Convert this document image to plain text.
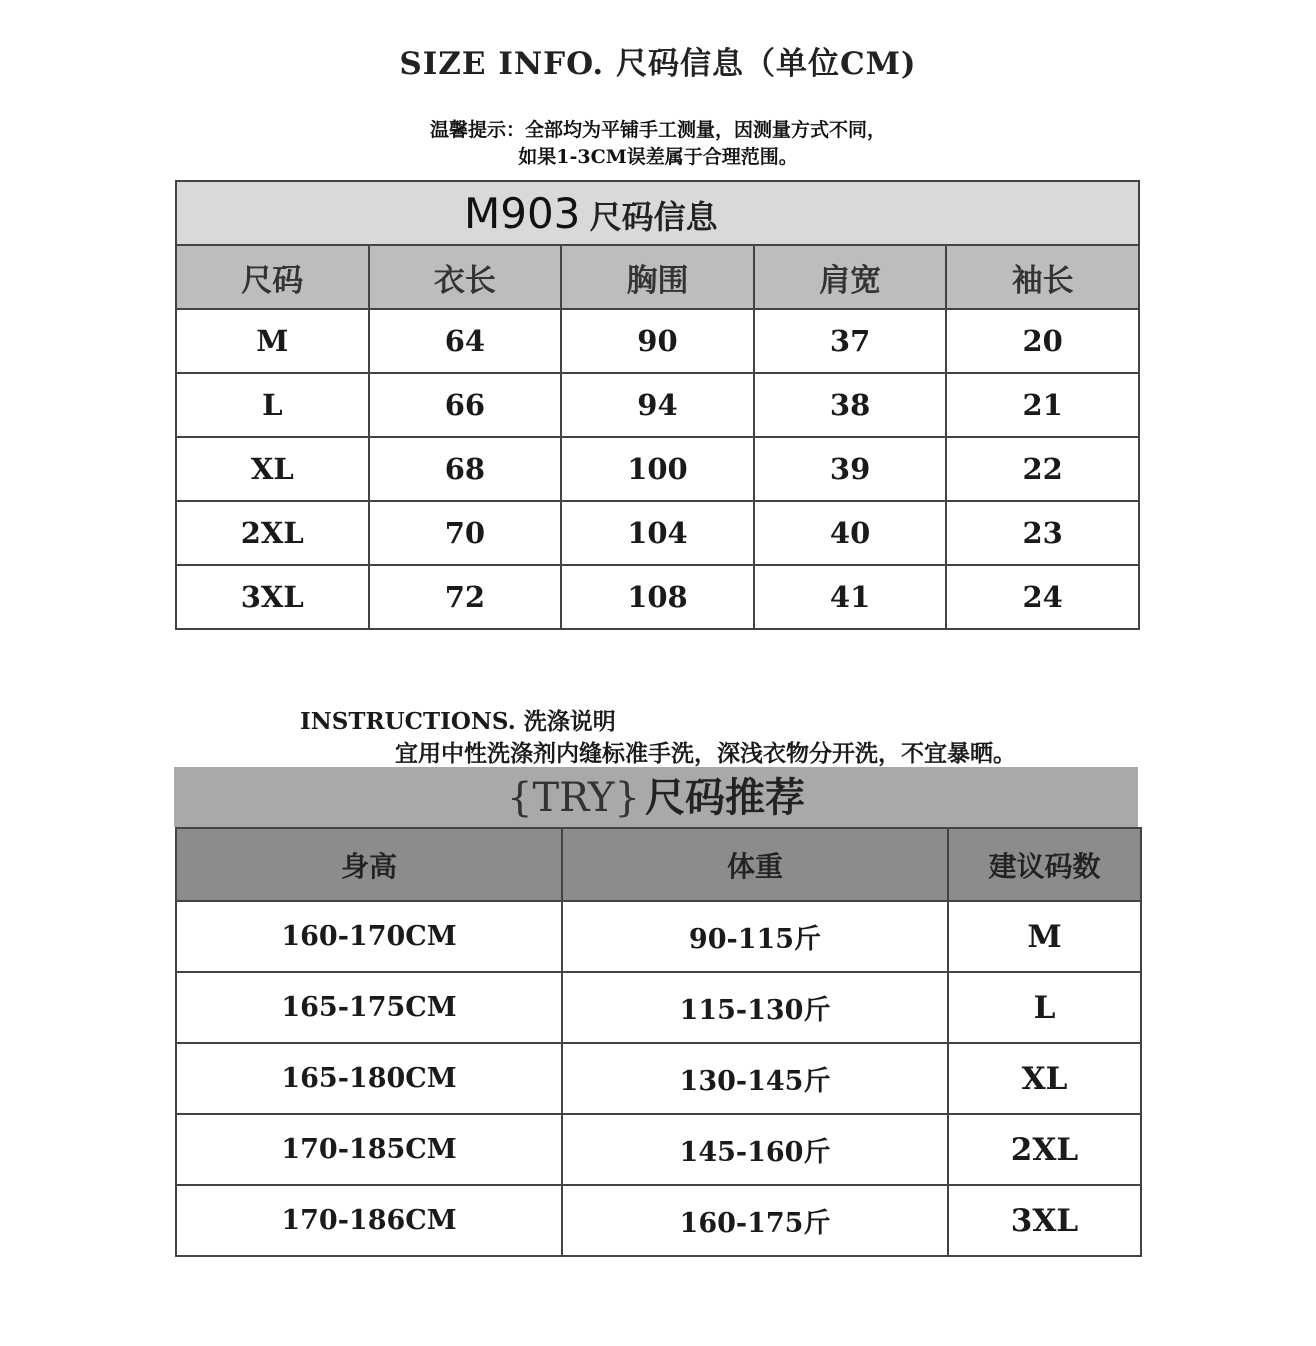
SIZE INFO. 尺码信息（单位CM)
温馨提示：全部均为平铺手工测量，因测量方式不同，
如果1-3CM误差属于合理范围。
M903 尺码信息				
尺码	衣长	胸围	肩宽	袖长
M	64	90	37	20
L	66	94	38	21
XL	68	100	39	22
2XL	70	104	40	23
3XL	72	108	41	24
INSTRUCTIONS. 洗涤说明
宜用中性洗涤剂内缝标准手洗，深浅衣物分开洗，不宜暴晒。
{TRY} 尺码推荐
身高	体重	建议码数
160-170CM	90-115斤	M
165-175CM	115-130斤	L
165-180CM	130-145斤	XL
170-185CM	145-160斤	2XL
170-186CM	160-175斤	3XL
